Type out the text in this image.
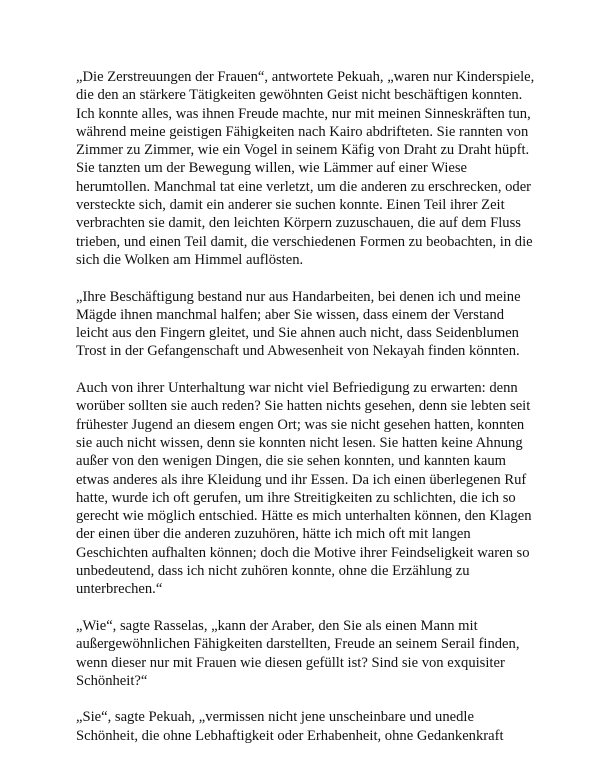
„Die Zerstreuungen der Frauen“, antwortete Pekuah, „waren nur Kinderspiele, die den an stärkere Tätigkeiten gewöhnten Geist nicht beschäftigen konnten. Ich konnte alles, was ihnen Freude machte, nur mit meinen Sinneskräften tun, während meine geistigen Fähigkeiten nach Kairo abdrifteten. Sie rannten von Zimmer zu Zimmer, wie ein Vogel in seinem Käfig von Draht zu Draht hüpft. Sie tanzten um der Bewegung willen, wie Lämmer auf einer Wiese herumtollen. Manchmal tat eine verletzt, um die anderen zu erschrecken, oder versteckte sich, damit ein anderer sie suchen konnte. Einen Teil ihrer Zeit verbrachten sie damit, den leichten Körpern zuzuschauen, die auf dem Fluss trieben, und einen Teil damit, die verschiedenen Formen zu beobachten, in die sich die Wolken am Himmel auflösten.

„Ihre Beschäftigung bestand nur aus Handarbeiten, bei denen ich und meine Mägde ihnen manchmal halfen; aber Sie wissen, dass einem der Verstand leicht aus den Fingern gleitet, und Sie ahnen auch nicht, dass Seidenblumen Trost in der Gefangenschaft und Abwesenheit von Nekayah finden könnten.

Auch von ihrer Unterhaltung war nicht viel Befriedigung zu erwarten: denn worüber sollten sie auch reden? Sie hatten nichts gesehen, denn sie lebten seit frühester Jugend an diesem engen Ort; was sie nicht gesehen hatten, konnten sie auch nicht wissen, denn sie konnten nicht lesen. Sie hatten keine Ahnung außer von den wenigen Dingen, die sie sehen konnten, und kannten kaum etwas anderes als ihre Kleidung und ihr Essen. Da ich einen überlegenen Ruf hatte, wurde ich oft gerufen, um ihre Streitigkeiten zu schlichten, die ich so gerecht wie möglich entschied. Hätte es mich unterhalten können, den Klagen der einen über die anderen zuzuhören, hätte ich mich oft mit langen Geschichten aufhalten können; doch die Motive ihrer Feindseligkeit waren so unbedeutend, dass ich nicht zuhören konnte, ohne die Erzählung zu unterbrechen.“

„Wie“, sagte Rasselas, „kann der Araber, den Sie als einen Mann mit außergewöhnlichen Fähigkeiten darstellten, Freude an seinem Serail finden, wenn dieser nur mit Frauen wie diesen gefüllt ist? Sind sie von exquisiter Schönheit?“

„Sie“, sagte Pekuah, „vermissen nicht jene unscheinbare und unedle Schönheit, die ohne Lebhaftigkeit oder Erhabenheit, ohne Gedankenkraft
